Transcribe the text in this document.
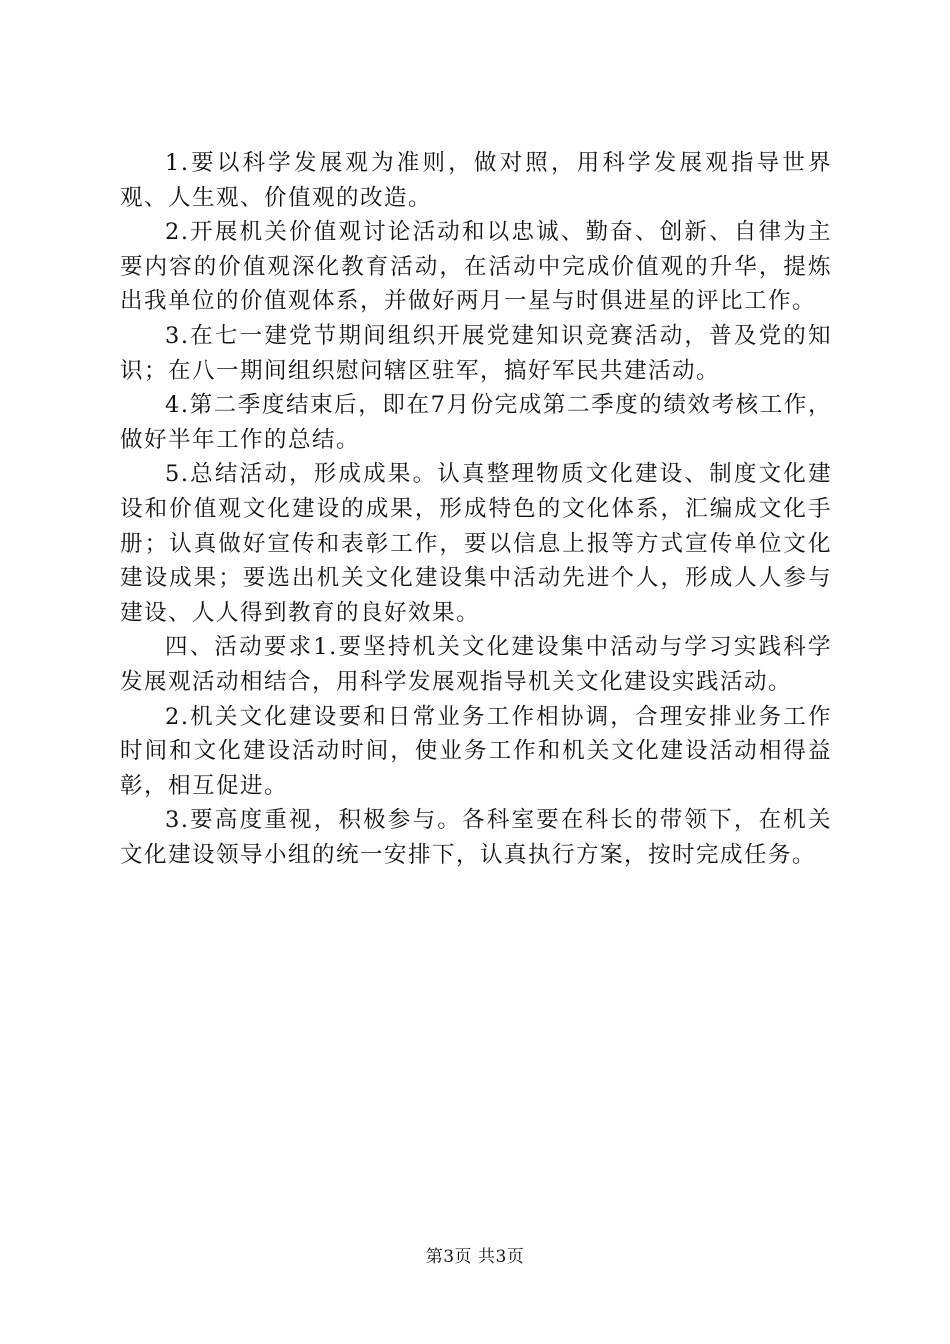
1.要以科学发展观为准则，做对照，用科学发展观指导世界观、人生观、价值观的改造。

2.开展机关价值观讨论活动和以忠诚、勤奋、创新、自律为主要内容的价值观深化教育活动，在活动中完成价值观的升华，提炼出我单位的价值观体系，并做好两月一星与时俱进星的评比工作。

3.在七一建党节期间组织开展党建知识竞赛活动，普及党的知识；在八一期间组织慰问辖区驻军，搞好军民共建活动。

4.第二季度结束后，即在7月份完成第二季度的绩效考核工作，做好半年工作的总结。

5.总结活动，形成成果。认真整理物质文化建设、制度文化建设和价值观文化建设的成果，形成特色的文化体系，汇编成文化手册；认真做好宣传和表彰工作，要以信息上报等方式宣传单位文化建设成果；要选出机关文化建设集中活动先进个人，形成人人参与建设、人人得到教育的良好效果。

四、活动要求1.要坚持机关文化建设集中活动与学习实践科学发展观活动相结合，用科学发展观指导机关文化建设实践活动。

2.机关文化建设要和日常业务工作相协调，合理安排业务工作时间和文化建设活动时间，使业务工作和机关文化建设活动相得益彰，相互促进。

3.要高度重视，积极参与。各科室要在科长的带领下，在机关文化建设领导小组的统一安排下，认真执行方案，按时完成任务。

第3页 共3页
